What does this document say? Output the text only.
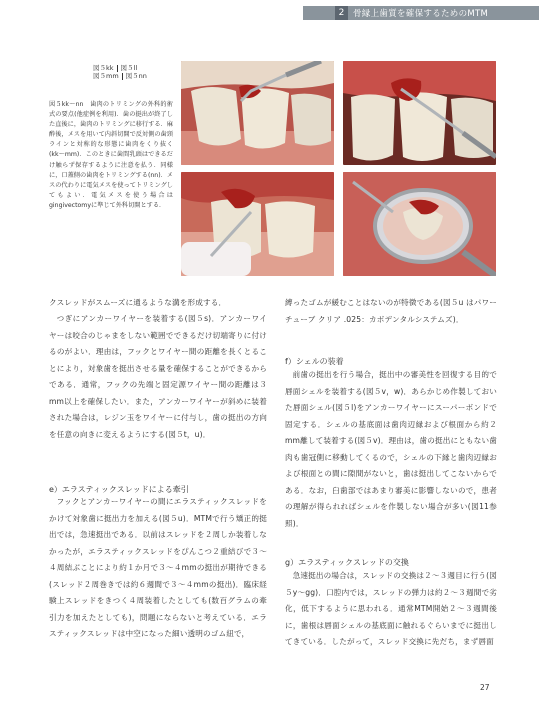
2	骨縁上歯質を確保するためのMTM
図５kk 図５ll
図５mm 図５nn
図５kk〜nn　歯肉のトリミングの外科的術式の要点(他症例を利用)．歯の挺出が終了した直後に，歯肉のトリミングに移行する．麻酔後，メスを用いて内斜切開で反対側の歯頸ラインと対称的な形態に歯肉をくり抜く(kk〜mm)．このときに歯間乳頭はできるだけ触らず保存するように注意を払う．同様に，口蓋側の歯肉をトリミングする(nn)．メスの代わりに電気メスを使ってトリミングしてもよい．電気メスを使う場合はgingivectomyに準じて外科切開とする．
クスレッドがスムーズに通るような溝を形成する．
つぎにアンカーワイヤーを装着する(図５s)．アンカーワイヤーは咬合のじゃまをしない範囲でできるだけ切端寄りに付けるのがよい．理由は，フックとワイヤー間の距離を長くとることにより，対象歯を挺出させる量を確保することができるからである．通常，フックの先端と固定源ワイヤー間の距離は３mm以上を確保したい．また，アンカーワイヤーが斜めに装着された場合は，レジン玉をワイヤーに付与し，歯の挺出の方向を任意の向きに変えるようにする(図５t，u)．
e）エラスティックスレッドによる牽引
フックとアンカーワイヤーの間にエラスティックスレッドをかけて対象歯に挺出力を加える(図５u)．MTMで行う矯正的挺出では，急速挺出である．以前はスレッドを２周しか装着しなかったが，エラスティックスレッドをぴんこつ２重結びで３〜４周結ぶことにより約１か月で３〜４mmの挺出が期待できる(スレッド２周巻きでは約６週間で３〜４mmの挺出)．臨床経験上スレッドをきつく４周装着したとしても(数百グラムの牽引力を加えたとしても)，問題にならないと考えている．エラスティックスレッドは中空になった細い透明のゴム紐で，
縛ったゴムが緩むことはないのが特徴である(図５u はパワーチューブ クリア .025：カボデンタルシステムズ)．
f）シェルの装着
前歯の挺出を行う場合，挺出中の審美性を回復する目的で唇面シェルを装着する(図５v，w)．あらかじめ作製しておいた唇面シェル(図５l)をアンカーワイヤーにスーパーボンドで固定する．シェルの基底面は歯肉辺縁および根面から約２mm離して装着する(図５v)．理由は，歯の挺出にともない歯肉も歯冠側に移動してくるので，シェルの下縁と歯肉辺縁および根面との間に隙間がないと，歯は挺出してこないからである．なお，臼歯部ではあまり審美に影響しないので，患者の理解が得られればシェルを作製しない場合が多い(図11参照)．
g）エラスティックスレッドの交換
急速挺出の場合は，スレッドの交換は２〜３週目に行う(図５y〜gg)．口腔内では，スレッドの弾力は約２〜３週間で劣化，低下するように思われる．通常MTM開始２〜３週間後に，歯根は唇面シェルの基底面に触れるぐらいまでに挺出してきている．したがって，スレッド交換に先だち，まず唇面
27
